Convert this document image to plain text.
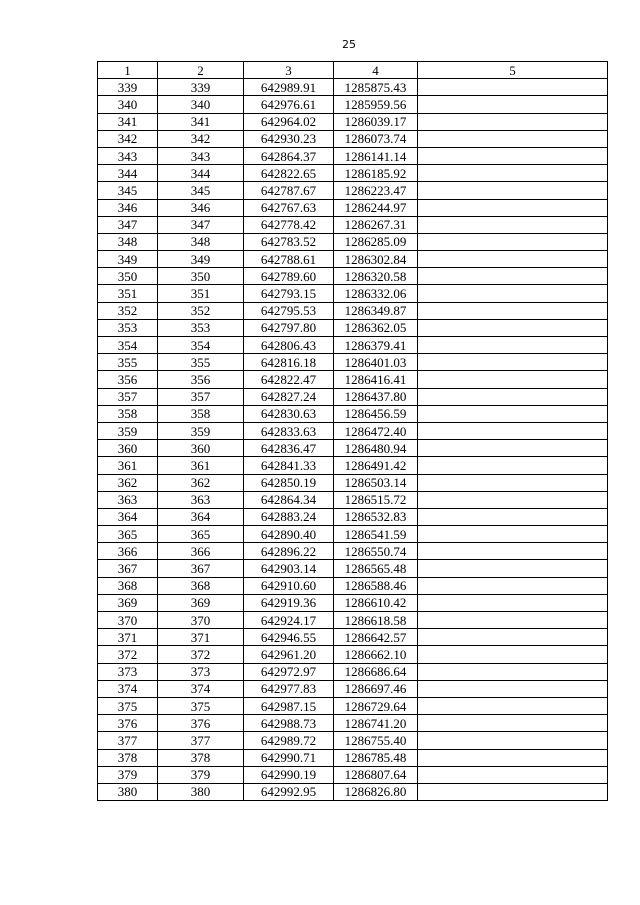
25
1	2	3	4	5
339	339	642989.91	1285875.43	
340	340	642976.61	1285959.56	
341	341	642964.02	1286039.17	
342	342	642930.23	1286073.74	
343	343	642864.37	1286141.14	
344	344	642822.65	1286185.92	
345	345	642787.67	1286223.47	
346	346	642767.63	1286244.97	
347	347	642778.42	1286267.31	
348	348	642783.52	1286285.09	
349	349	642788.61	1286302.84	
350	350	642789.60	1286320.58	
351	351	642793.15	1286332.06	
352	352	642795.53	1286349.87	
353	353	642797.80	1286362.05	
354	354	642806.43	1286379.41	
355	355	642816.18	1286401.03	
356	356	642822.47	1286416.41	
357	357	642827.24	1286437.80	
358	358	642830.63	1286456.59	
359	359	642833.63	1286472.40	
360	360	642836.47	1286480.94	
361	361	642841.33	1286491.42	
362	362	642850.19	1286503.14	
363	363	642864.34	1286515.72	
364	364	642883.24	1286532.83	
365	365	642890.40	1286541.59	
366	366	642896.22	1286550.74	
367	367	642903.14	1286565.48	
368	368	642910.60	1286588.46	
369	369	642919.36	1286610.42	
370	370	642924.17	1286618.58	
371	371	642946.55	1286642.57	
372	372	642961.20	1286662.10	
373	373	642972.97	1286686.64	
374	374	642977.83	1286697.46	
375	375	642987.15	1286729.64	
376	376	642988.73	1286741.20	
377	377	642989.72	1286755.40	
378	378	642990.71	1286785.48	
379	379	642990.19	1286807.64	
380	380	642992.95	1286826.80	
